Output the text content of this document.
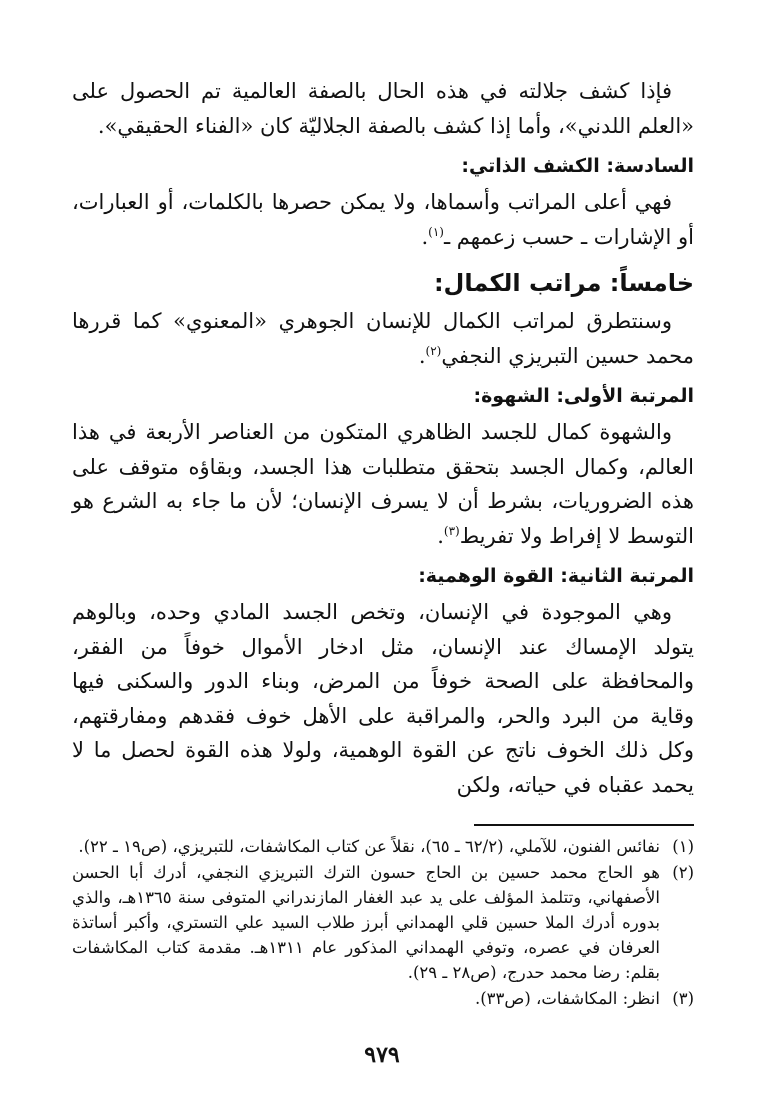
فإذا كشف جلالته في هذه الحال بالصفة العالمية تم الحصول على «العلم اللدني»، وأما إذا كشف بالصفة الجلاليّة كان «الفناء الحقيقي».

السادسة: الكشف الذاتي:

فهي أعلى المراتب وأسماها، ولا يمكن حصرها بالكلمات، أو العبارات، أو الإشارات ـ حسب زعمهم ـ$^{(١)}$.

خامساً: مراتب الكمال:

وسنتطرق لمراتب الكمال للإنسان الجوهري «المعنوي» كما قررها محمد حسين التبريزي النجفي$^{(٢)}$.

المرتبة الأولى: الشهوة:

والشهوة كمال للجسد الظاهري المتكون من العناصر الأربعة في هذا العالم، وكمال الجسد بتحقق متطلبات هذا الجسد، وبقاؤه متوقف على هذه الضروريات، بشرط أن لا يسرف الإنسان؛ لأن ما جاء به الشرع هو التوسط لا إفراط ولا تفريط$^{(٣)}$.

المرتبة الثانية: القوة الوهمية:

وهي الموجودة في الإنسان، وتخص الجسد المادي وحده، وبالوهم يتولد الإمساك عند الإنسان، مثل ادخار الأموال خوفاً من الفقر، والمحافظة على الصحة خوفاً من المرض، وبناء الدور والسكنى فيها وقاية من البرد والحر، والمراقبة على الأهل خوف فقدهم ومفارقتهم، وكل ذلك الخوف ناتج عن القوة الوهمية، ولولا هذه القوة لحصل ما لا يحمد عقباه في حياته، ولكن

(١)
نفائس الفنون، للآملي، (٦٢/٢ ـ ٦٥)، نقلاً عن كتاب المكاشفات، للتبريزي، (ص١٩ ـ ٢٢).
(٢)
هو الحاج محمد حسين بن الحاج حسون الترك التبريزي النجفي، أدرك أبا الحسن الأصفهاني، وتتلمذ المؤلف على يد عبد الغفار المازندراني المتوفى سنة ١٣٦٥هـ، والذي بدوره أدرك الملا حسين قلي الهمداني أبرز طلاب السيد علي التستري، وأكبر أساتذة العرفان في عصره، وتوفي الهمداني المذكور عام ١٣١١هـ. مقدمة كتاب المكاشفات بقلم: رضا محمد حدرج، (ص٢٨ ـ ٢٩).
(٣)
انظر: المكاشفات، (ص٣٣).
٩٧٩
